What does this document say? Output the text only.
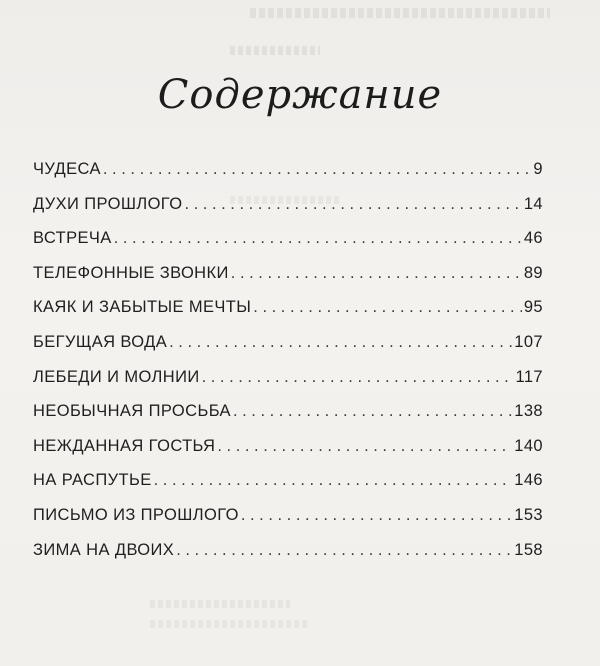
Содержание
ЧУДЕСА . . .	9
ДУХИ ПРОШЛОГО . . .	14
ВСТРЕЧА . . .	46
ТЕЛЕФОННЫЕ ЗВОНКИ . . .	89
КАЯК И ЗАБЫТЫЕ МЕЧТЫ . . .	95
БЕГУЩАЯ ВОДА . . .	107
ЛЕБЕДИ И МОЛНИИ . . .	117
НЕОБЫЧНАЯ ПРОСЬБА . . .	138
НЕЖДАННАЯ ГОСТЬЯ . . .	140
НА РАСПУТЬЕ . . .	146
ПИСЬМО ИЗ ПРОШЛОГО . . .	153
ЗИМА НА ДВОИХ . . .	158
